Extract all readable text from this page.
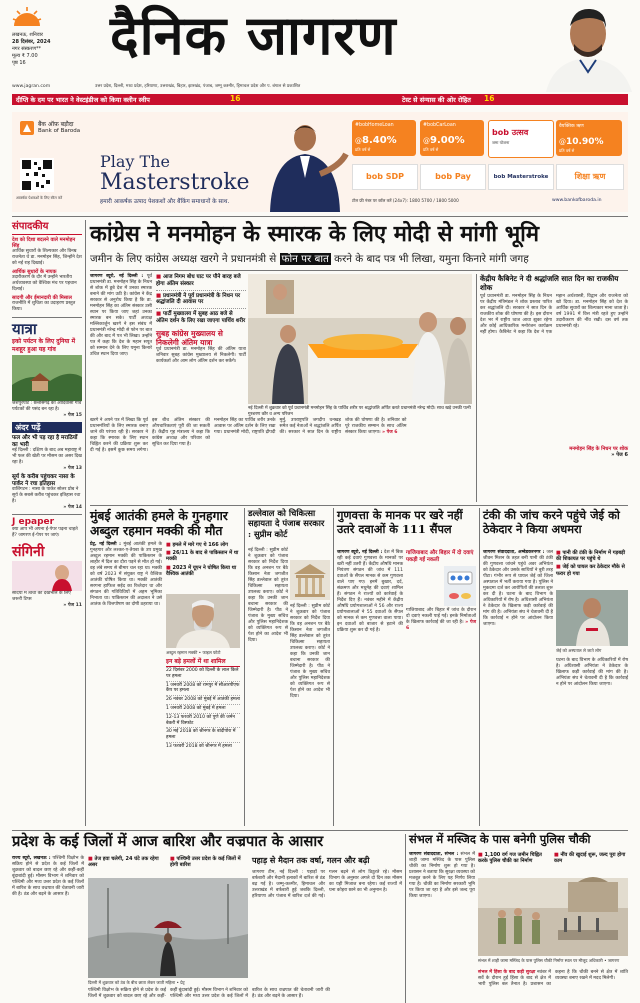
लखनऊ, शनिवार
28 दिसंबर, 2024
नगर संस्करण**
मूल्य ₹ 7.00
पृष्ठ 16	दैनिक जागरण
उत्तर प्रदेश, दिल्ली, मध्य प्रदेश, हरियाणा, उत्तराखंड, बिहार, झारखंड, पंजाब, जम्मू कश्मीर, हिमाचल प्रदेश और प. बंगाल से प्रकाशित
www.jagran.com
दीप्ति के दम पर भारत ने वेस्टइंडीज को किया क्लीन स्वीप	16	टेस्ट से संन्यास की ओर रोहित 16
बैंक ऑफ़ बड़ौदा
Bank of Baroda
आकर्षक पेशकशों के लिए स्कैन करें
Play The
Masterstroke
हमारी आकर्षक उत्पाद पेशकशों और बैंकिंग समाधानों के साथ.
#bobHomeLoan
@8.40%
प्रति वर्ष से
#bobCarLoan
@9.00%
प्रति वर्ष से
bob उत्सव
जमा योजना
वैयक्तिक ऋण
@10.90%
प्रति वर्ष से
bob SDP	bob Pay	bob Masterstroke	शिक्षा ऋण
टोल फ्री नंबर पर कॉल करें (24x7): 1800 5700 / 1800 5000	www.bankofbaroda.in
संपादकीय
देश को दिशा बदलने वाले मनमोहन सिंह
आर्थिक सुधारों के शिल्पकार और विनम्र राजनेता थे डा. मनमोहन सिंह, जिन्होंने देश को नई राह दिखाई।
आर्थिक सुधारों के नायक
उदारीकरण के दौर में उन्होंने भारतीय अर्थव्यवस्था को वैश्विक मंच पर पहचान दिलाई।
सादगी और ईमानदारी की मिसाल
राजनीति में शुचिता का उदाहरण प्रस्तुत किया।
यात्रा
इको पर्यटन के लिए दुनिया में मशहूर हुआ यह गांव
जशपुरपाट : छत्तीसगढ़ का आदिवासी गांव पर्यटकों की पसंद बन रहा है।
» पेज 15
अंदर पढ़ें
फल और भी पड़ रहा है मराठियों का भारी
नई दिल्ली : दक्षिण के बाद अब महाराष्ट्र में भी फल की खेती पर मौसम का असर दिख रहा है।
» पेज 13
सूर्य के करीब पहुंचकर नासा के पार्कर ने रचा इतिहास
वाशिंगटन : नासा के पार्कर सोलर प्रोब ने सूर्य के सबसे करीब पहुंचकर इतिहास रचा है।
» पेज 14
J epaper
क्या आप भी अपना ई-पेपर पढ़ना चाहते हैं? जागरण ई-पेपर पर जाएं।
संगिनी
सर्दियों में त्वचा की देखभाल के लिए जरूरी टिप्स
» पेज 11
कांग्रेस ने मनमोहन के स्मारक के लिए मोदी से मांगी भूमि
जमीन के लिए कांग्रेस अध्यक्ष खरगे ने प्रधानमंत्री से फोन पर बात करने के बाद पत्र भी लिखा, यमुना किनारे मांगी जगह
जागरण ब्यूरो, नई दिल्ली : पूर्व प्रधानमंत्री डा. मनमोहन सिंह के निधन से शोक में डूबे देश में उनका स्मारक बनाने की मांग उठी है। कांग्रेस ने केंद्र सरकार से अनुरोध किया है कि डा. मनमोहन सिंह का अंतिम संस्कार उसी स्थान पर किया जाए जहां उनका स्मारक बन सके। पार्टी अध्यक्ष मल्लिकार्जुन खरगे ने इस संबंध में प्रधानमंत्री नरेन्द्र मोदी से फोन पर बात की और बाद में पत्र भी लिखा। उन्होंने पत्र में कहा कि देश के महान सपूत को सम्मान देने के लिए यमुना किनारे उचित स्थान दिया जाए।
■ आज निगम बोध घाट पर पौने बारह बजे होगा अंतिम संस्कार
■ प्रधानमंत्री ने पूर्व प्रधानमंत्री के निधन पर श्रद्धांजलि दी आवास पर
■ पार्टी मुख्यालय में सुबह आठ बजे से अंतिम दर्शन के लिए रखा जाएगा पार्थिव शरीर
सुबह कांग्रेस मुख्यालय से निकलेगी अंतिम यात्रा
पूर्व प्रधानमंत्री डा. मनमोहन सिंह की अंतिम यात्रा शनिवार सुबह कांग्रेस मुख्यालय से निकलेगी। पार्टी कार्यकर्ता और आम लोग अंतिम दर्शन कर सकेंगे।
नई दिल्ली में शुक्रवार को पूर्व प्रधानमंत्री मनमोहन सिंह के पार्थिव शरीर पर श्रद्धांजलि अर्पित करते प्रधानमंत्री नरेन्द्र मोदी। साथ खड़े उनकी पत्नी गुरशरण कौर व अन्य परिजन
खरगे ने अपने पत्र में लिखा कि पूर्व प्रधानमंत्रियों के लिए स्मारक बनाए जाने की परंपरा रही है। सरकार ने कहा कि स्मारक के लिए स्थान चिह्नित करने की प्रक्रिया शुरू कर दी गई है। इसमें कुछ समय लगेगा। इस बीच अंतिम संस्कार की औपचारिकताएं पूरी की जा सकती हैं। केंद्रीय गृह मंत्रालय ने कहा कि कांग्रेस अध्यक्ष और परिवार को सूचित कर दिया गया है।
मनमोहन सिंह का पार्थिव शरीर उनके आवास पर अंतिम दर्शन के लिए रखा गया। प्रधानमंत्री मोदी, राष्ट्रपति द्रौपदी मुर्मु, उपराष्ट्रपति जगदीप धनखड़ समेत कई नेताओं ने श्रद्धांजलि अर्पित की। सरकार ने सात दिन के राष्ट्रीय शोक की घोषणा की है। शनिवार को पूरे राजकीय सम्मान के साथ अंतिम संस्कार किया जाएगा। » पेज 6
केंद्रीय कैबिनेट ने दी श्रद्धांजलि सात दिन का राजकीय शोक
पूर्व प्रधानमंत्री डा. मनमोहन सिंह के निधन पर केंद्रीय मंत्रिमंडल ने शोक प्रस्ताव पारित कर श्रद्धांजलि दी। सरकार ने सात दिन के राजकीय शोक की घोषणा की है। इस दौरान देश भर में राष्ट्रीय ध्वज आधा झुका रहेगा और कोई आधिकारिक मनोरंजन कार्यक्रम नहीं होगा। कैबिनेट ने कहा कि देश ने एक महान अर्थशास्त्री, विद्वान और राजनेता को खो दिया। डा. मनमोहन सिंह को देश के आर्थिक सुधारों का शिल्पकार माना जाता है। वर्ष 1991 में वित्त मंत्री रहते हुए उन्होंने उदारीकरण की नींव रखी। दस वर्ष तक प्रधानमंत्री रहे।
मनमोहन सिंह के निधन पर शोक
» पेज 6
मुंबई आतंकी हमले के गुनहगार अब्दुल रहमान मक्की की मौत
प्रेट्र, नई दिल्ली : मुंबई आतंकी हमले के गुनहगार और लश्कर-ए-तैयबा के उप प्रमुख अब्दुल रहमान मक्की की पाकिस्तान के लाहौर में दिल का दौरा पड़ने से मौत हो गई। वह लंबे समय से बीमार चल रहा था। मक्की को वर्ष 2023 में संयुक्त राष्ट्र ने वैश्विक आतंकी घोषित किया था। मक्की आतंकी सरगना हाफिज सईद का रिश्तेदार था और संगठन की गतिविधियों में अहम भूमिका निभाता था। पाकिस्तान की अदालत ने उसे आतंक के वित्तपोषण का दोषी ठहराया था।
■ हमले में मारे गए थे 166 लोग
■ 26/11 के बाद से पाकिस्तान में था मक्की
■ 2023 में यूएन ने घोषित किया था वैश्विक आतंकी
अब्दुल रहमान मक्की • फाइल फोटो
इन बड़े हमलों में था शामिल
22 दिसंबर 2000 को दिल्ली के लाल किले पर हमला
1 जनवरी 2008 को रामपुर में सीआरपीएफ कैंप पर हमला
26 नवंबर 2008 को मुंबई में आतंकी हमला
1 जनवरी 2008 को मुंबई में हमला
12-13 फरवरी 2010 को पुणे की जर्मन बेकरी में विस्फोट
30 मई 2018 को श्रीनगर के बांदीपोरा में हमला
13 फरवरी 2018 को श्रीनगर में हमला
डल्लेवाल को चिकित्सा सहायता दे पंजाब सरकार : सुप्रीम कोर्ट
नई दिल्ली : सुप्रीम कोर्ट ने शुक्रवार को पंजाब सरकार को निर्देश दिया कि वह अनशन पर बैठे किसान नेता जगजीत सिंह डल्लेवाल को तुरंत चिकित्सा सहायता उपलब्ध कराए। कोर्ट ने कहा कि उनकी जान बचाना सरकार की जिम्मेदारी है। पीठ ने पंजाब के मुख्य सचिव और पुलिस महानिदेशक को व्यक्तिगत रूप से पेश होने का आदेश भी दिया।
नई दिल्ली : सुप्रीम कोर्ट ने शुक्रवार को पंजाब सरकार को निर्देश दिया कि वह अनशन पर बैठे किसान नेता जगजीत सिंह डल्लेवाल को तुरंत चिकित्सा सहायता उपलब्ध कराए। कोर्ट ने कहा कि उनकी जान बचाना सरकार की जिम्मेदारी है। पीठ ने पंजाब के मुख्य सचिव और पुलिस महानिदेशक को व्यक्तिगत रूप से पेश होने का आदेश भी दिया।
गुणवत्ता के मानक पर खरे नहीं उतरे दवाओं के 111 सैंपल
जागरण ब्यूरो, नई दिल्ली : देश में बिक रही कई दवाएं गुणवत्ता के मानकों पर खरी नहीं उतरी हैं। केंद्रीय औषधि मानक नियंत्रण संगठन की जांच में 111 दवाओं के सैंपल मानक से कम गुणवत्ता वाले पाए गए। इनमें बुखार, दर्द, संक्रमण और मधुमेह की दवाएं शामिल हैं। संगठन ने राज्यों को कार्रवाई के निर्देश दिए हैं। नवंबर महीने में केंद्रीय औषधि प्रयोगशालाओं ने 56 और राज्य प्रयोगशालाओं ने 55 दवाओं के सैंपल को मानक से कम गुणवत्ता वाला पाया। इन दवाओं को बाजार से हटाने की प्रक्रिया शुरू कर दी गई है।
गाजियाबाद और बिहार में दो दवाएं पकड़ी गईं नकली
गाजियाबाद और बिहार में जांच के दौरान दो दवाएं नकली पाई गईं। इनके निर्माताओं के खिलाफ कार्रवाई की जा रही है। » पेज 6
टंकी की जांच करने पहुंचे जेई को ठेकेदार ने किया अधमरा
जागरण संवाददाता, अम्बेडकरनगर : जल जीवन मिशन के तहत बनी पानी की टंकी की गुणवत्ता जांचने पहुंचे अवर अभियंता को ठेकेदार और उसके साथियों ने बुरी तरह पीटा। गंभीर रूप से घायल जेई को जिला अस्पताल में भर्ती कराया गया है। पुलिस ने मुकदमा दर्ज कर आरोपितों की तलाश शुरू कर दी है। घटना के बाद विभाग के अधिकारियों में रोष है। अधिशासी अभियंता ने ठेकेदार के खिलाफ कड़ी कार्रवाई की मांग की है। अभियंता संघ ने चेतावनी दी है कि कार्रवाई न होने पर आंदोलन किया जाएगा।
■ पानी की टंकी के निर्माण में गड़बड़ी की शिकायत पर पहुंचे थे
■ जेई को घायल कर ठेकेदार मौके से फरार हो गया
जेई को अस्पताल ले जाते लोग
घटना के बाद विभाग के अधिकारियों में रोष है। अधिशासी अभियंता ने ठेकेदार के खिलाफ कड़ी कार्रवाई की मांग की है। अभियंता संघ ने चेतावनी दी है कि कार्रवाई न होने पर आंदोलन किया जाएगा।
प्रदेश के कई जिलों में आज बारिश और वज्रपात के आसार
राज्य ब्यूरो, लखनऊ : पश्चिमी विक्षोभ के सक्रिय होने से प्रदेश के कई जिलों में शुक्रवार को बादल छाए रहे और कहीं-कहीं बूंदाबांदी हुई। मौसम विभाग ने शनिवार को पश्चिमी और मध्य उत्तर प्रदेश के कई जिलों में बारिश के साथ वज्रपात की चेतावनी जारी की है। ठंड और बढ़ने के आसार हैं।
■ तेज हवा चलेगी, 24 घंटे तक रहेगा असर
■ पश्चिमी उत्तर प्रदेश के कई जिलों में होगी बारिश
दिल्ली में शुक्रवार को ठंड के बीच छाता लेकर जाती महिला • प्रेट्र
पश्चिमी विक्षोभ के सक्रिय होने से प्रदेश के कई जिलों में शुक्रवार को बादल छाए रहे और कहीं-कहीं बूंदाबांदी हुई। मौसम विभाग ने शनिवार को पश्चिमी और मध्य उत्तर प्रदेश के कई जिलों में बारिश के साथ वज्रपात की चेतावनी जारी की है। ठंड और बढ़ने के आसार हैं।
पहाड़ से मैदान तक वर्षा, गलन और बढ़ी
जागरण टीम, नई दिल्ली : पहाड़ों पर बर्फबारी और मैदानी इलाकों में बारिश से ठंड बढ़ गई है। जम्मू-कश्मीर, हिमाचल और उत्तराखंड में बर्फबारी हुई जबकि दिल्ली, हरियाणा और पंजाब में बारिश दर्ज की गई। गलन बढ़ने से लोग ठिठुरते रहे। मौसम विभाग के अनुसार अगले दो दिन तक मौसम का यही मिजाज बना रहेगा। कई राज्यों में घना कोहरा छाने का भी अनुमान है।
संभल में मस्जिद के पास बनेगी पुलिस चौकी
जागरण संवाददाता, संभल : संभल में शाही जामा मस्जिद के पास पुलिस चौकी का निर्माण शुरू हो गया है। प्रशासन ने बताया कि सुरक्षा व्यवस्था को मजबूत करने के लिए यह निर्णय लिया गया है। चौकी का निर्माण सरकारी भूमि पर किया जा रहा है और इसे जल्द पूरा किया जाएगा।
■ 1,100 वर्ग गज जमीन चिह्नित करके पुलिस चौकी का निर्माण
■ नींव की खुदाई शुरू, जल्द पूरा होगा काम
संभल में शाही जामा मस्जिद के पास पुलिस चौकी निर्माण स्थल पर मौजूद अधिकारी • जागरण
संभल में हिंसा के बाद कड़ी सुरक्षा नवंबर में सर्वे के दौरान हुई हिंसा के बाद से क्षेत्र में भारी पुलिस बल तैनात है। प्रशासन का कहना है कि चौकी बनने से क्षेत्र में शांति व्यवस्था बनाए रखने में मदद मिलेगी।
